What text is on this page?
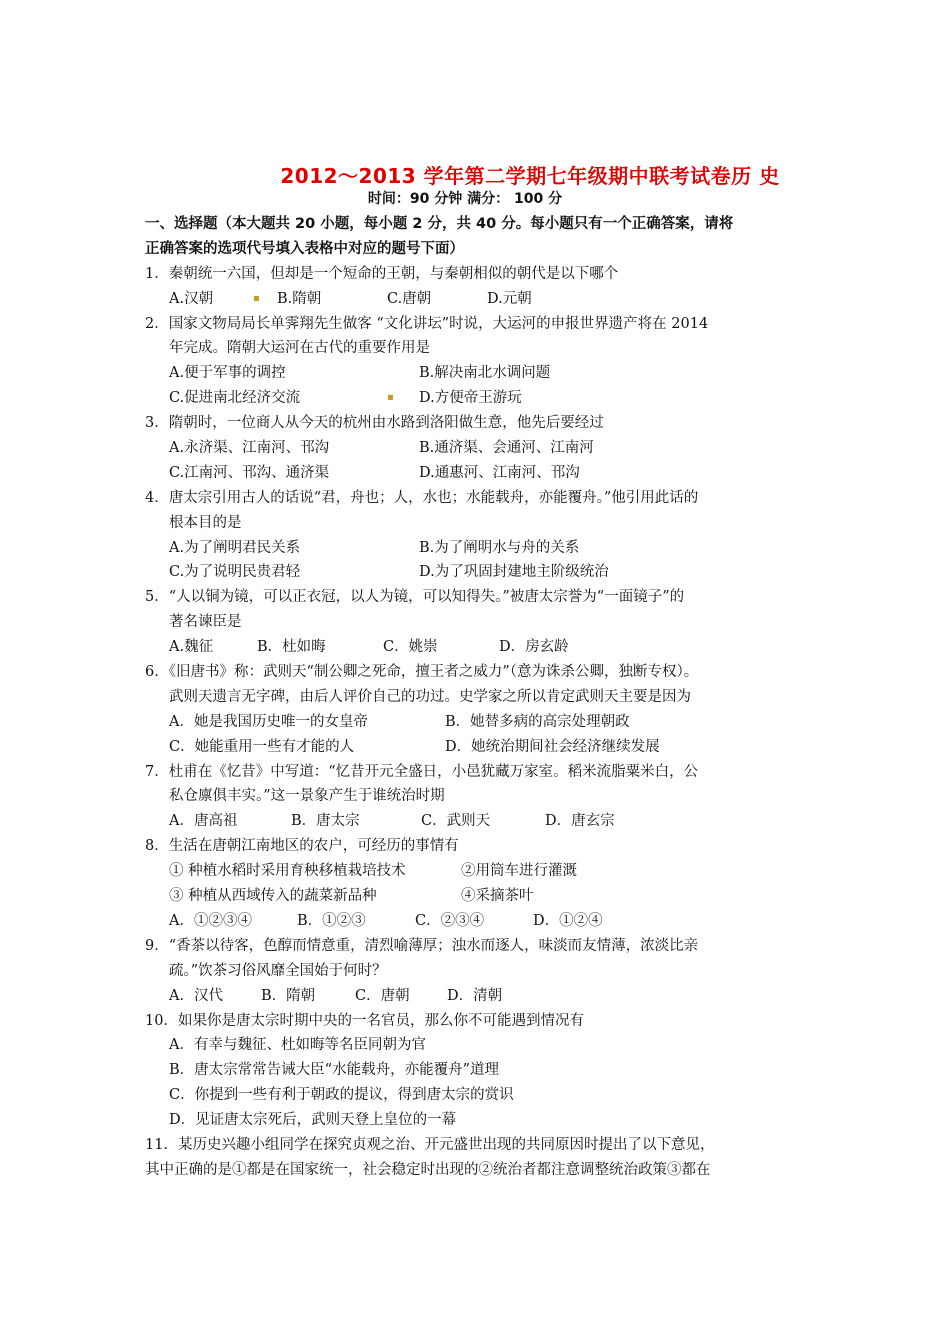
2012～2013 学年第二学期七年级期中联考试卷历 史
时间：90 分钟 满分： 100 分
一、选择题（本大题共 20 小题，每小题 2 分，共 40 分。每小题只有一个正确答案，请将
正确答案的选项代号填入表格中对应的题号下面）
1．秦朝统一六国，但却是一个短命的王朝，与秦朝相似的朝代是以下哪个
A.汉朝	▪	B.隋朝	C.唐朝	D.元朝
2．国家文物局局长单霁翔先生做客 “文化讲坛”时说，大运河的申报世界遗产将在 2014
年完成。隋朝大运河在古代的重要作用是
A.便于军事的调控	B.解决南北水调问题
C.促进南北经济交流	▪	D.方便帝王游玩
3．隋朝时，一位商人从今天的杭州由水路到洛阳做生意，他先后要经过
A.永济渠、江南河、邗沟	B.通济渠、会通河、江南河
C.江南河、邗沟、通济渠	D.通惠河、江南河、邗沟
4．唐太宗引用古人的话说“君，舟也；人，水也；水能载舟，亦能覆舟。”他引用此话的
根本目的是
A.为了阐明君民关系	B.为了阐明水与舟的关系
C.为了说明民贵君轻	D.为了巩固封建地主阶级统治
5．“人以铜为镜，可以正衣冠，以人为镜，可以知得失。”被唐太宗誉为“一面镜子”的
著名谏臣是
A.魏征	B．杜如晦	C．姚崇	D．房玄龄
6．《旧唐书》称：武则天“制公卿之死命，擅王者之威力”（意为诛杀公卿，独断专权）。
武则天遗言无字碑，由后人评价自己的功过。史学家之所以肯定武则天主要是因为
A．她是我国历史唯一的女皇帝	B．她替多病的高宗处理朝政
C．她能重用一些有才能的人	D．她统治期间社会经济继续发展
7．杜甫在《忆昔》中写道：“忆昔开元全盛日，小邑犹藏万家室。稻米流脂粟米白，公
私仓廪俱丰实。”这一景象产生于谁统治时期
A．唐高祖	B．唐太宗	C．武则天	D．唐玄宗
8．生活在唐朝江南地区的农户，可经历的事情有
① 种植水稻时采用育秧移植栽培技术	②用筒车进行灌溉
③ 种植从西域传入的蔬菜新品种	④采摘茶叶
A．①②③④	B．①②③	C．②③④	D．①②④
9．“香茶以待客，色醇而情意重，清烈喻薄厚；浊水而逐人，味淡而友情薄，浓淡比亲
疏。”饮茶习俗风靡全国始于何时？
A．汉代	B．隋朝	C．唐朝	D．清朝
10．如果你是唐太宗时期中央的一名官员，那么你不可能遇到情况有
A．有幸与魏征、杜如晦等名臣同朝为官
B．唐太宗常常告诫大臣“水能载舟，亦能覆舟”道理
C．你提到一些有利于朝政的提议，得到唐太宗的赏识
D．见证唐太宗死后，武则天登上皇位的一幕
11．某历史兴趣小组同学在探究贞观之治、开元盛世出现的共同原因时提出了以下意见，
其中正确的是①都是在国家统一，社会稳定时出现的②统治者都注意调整统治政策③都在
